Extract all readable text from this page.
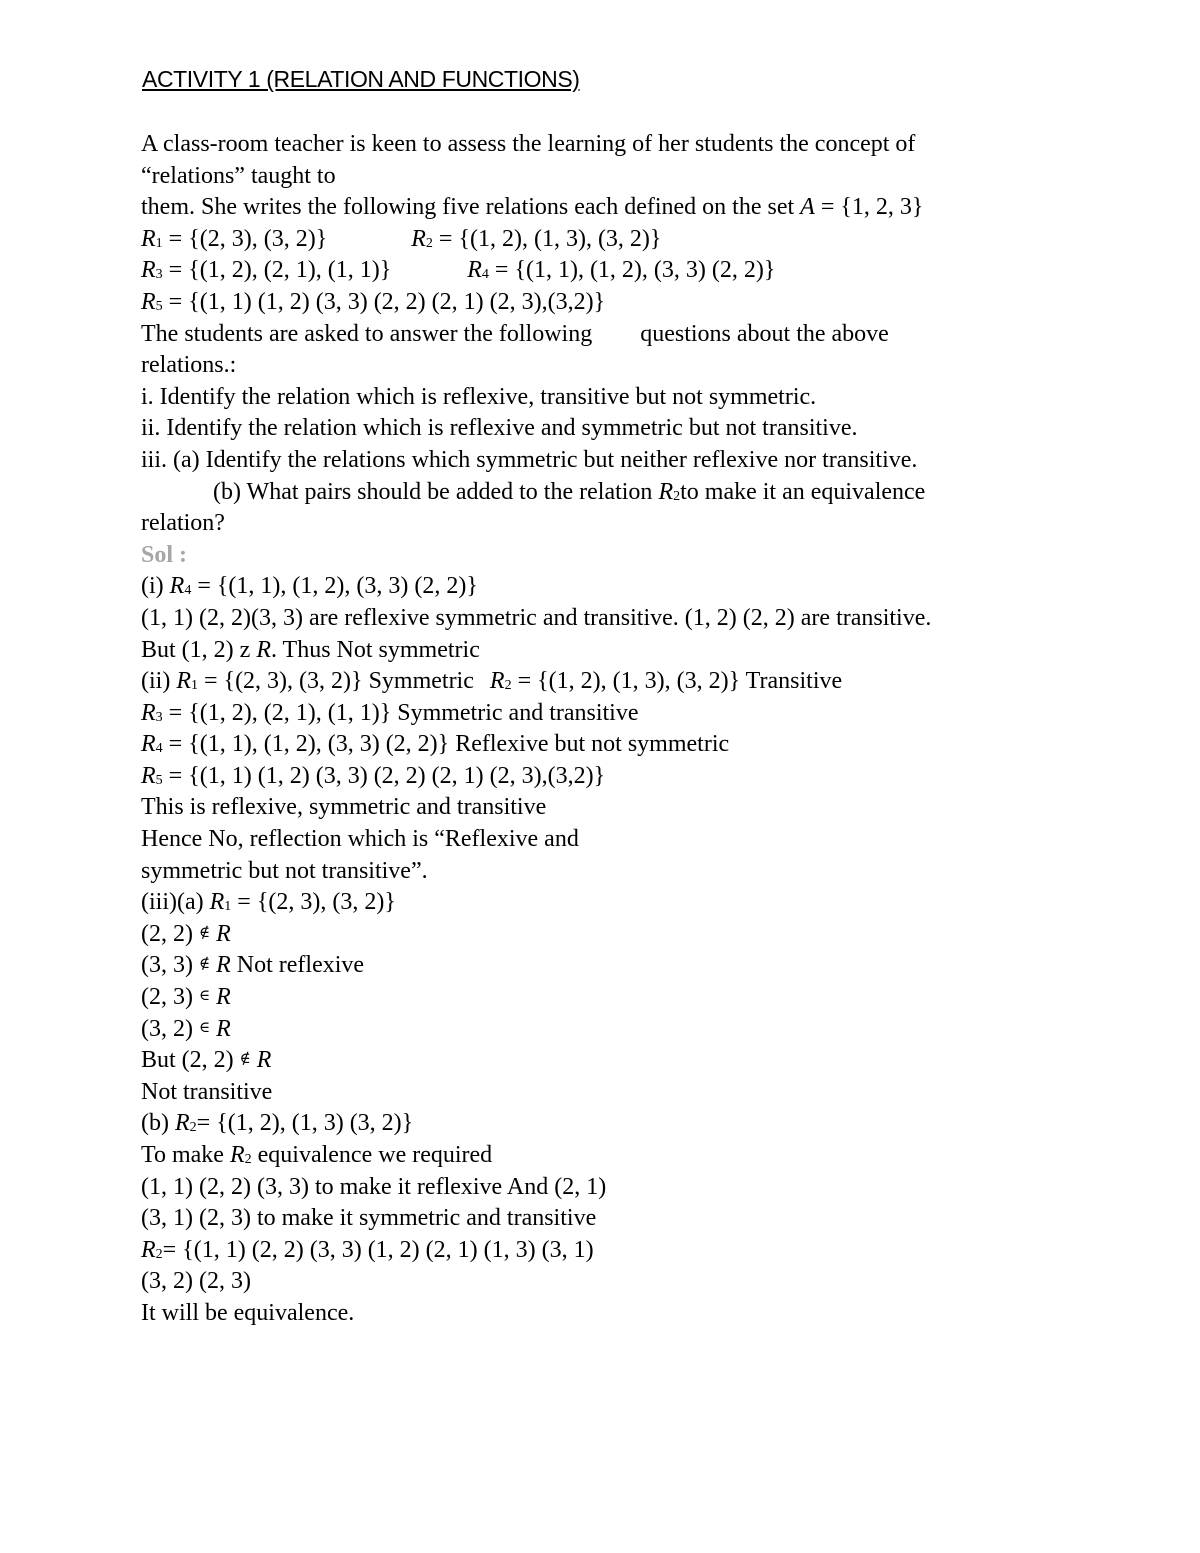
ACTIVITY 1 (RELATION AND FUNCTIONS)
A class-room teacher is keen to assess the learning of her students the concept of
“relations” taught to
them. She writes the following five relations each defined on the set A = {1, 2, 3}
$R_1 = \{(2$, 3), (3, 2)}	$R_2 = \{(1$, 2), (1, 3), (3, 2)}
$R_3 = \{(1$, 2), (2, 1), (1, 1)}	$R_4 = \{(1$, 1), (1, 2), (3, 3) (2, 2)}
$R_5 = \{(1$, 1) (1, 2) (3, 3) (2, 2) (2, 1) (2, 3),(3,2)}
The students are asked to answer the following questions about the above
relations.:
i. Identify the relation which is reflexive, transitive but not symmetric.
ii. Identify the relation which is reflexive and symmetric but not transitive.
iii. (a) Identify the relations which symmetric but neither reflexive nor transitive.
(b) What pairs should be added to the relation $R_2to$ make it an equivalence
relation?
Sol :
(i) $R_4 = \{(1$, 1), (1, 2), (3, 3) (2, 2)}
(1, 1) (2, 2)(3, 3) are reflexive symmetric and transitive. (1, 2) (2, 2) are transitive.
But (1, 2) z R. Thus Not symmetric
(ii) $R_1 = \{(2$, 3), (3, 2)} Symmetric $R_2 = \{(1$, 2), (1, 3), (3, 2)} Transitive
$R_3 = \{(1$, 2), (2, 1), (1, 1)} Symmetric and transitive
$R_4 = \{(1$, 1), (1, 2), (3, 3) (2, 2)} Reflexive but not symmetric
$R_5 = \{(1$, 1) (1, 2) (3, 3) (2, 2) (2, 1) (2, 3),(3,2)}
This is reflexive, symmetric and transitive
Hence No, reflection which is “Reflexive and
symmetric but not transitive”.
(iii)(a) $R_1 = \{(2$, 3), (3, 2)}
(2, 2) ∉ R
(3, 3) ∉ R Not reflexive
(2, 3) ∈ R
(3, 2) ∈ R
But (2, 2) ∉ R
Not transitive
(b) $R_2= \{(1$, 2), (1, 3) (3, 2)}
To make $R_2$ equivalence we required
(1, 1) (2, 2) (3, 3) to make it reflexive And (2, 1)
(3, 1) (2, 3) to make it symmetric and transitive
$R_2= \{(1$, 1) (2, 2) (3, 3) (1, 2) (2, 1) (1, 3) (3, 1)
(3, 2) (2, 3)
It will be equivalence.
